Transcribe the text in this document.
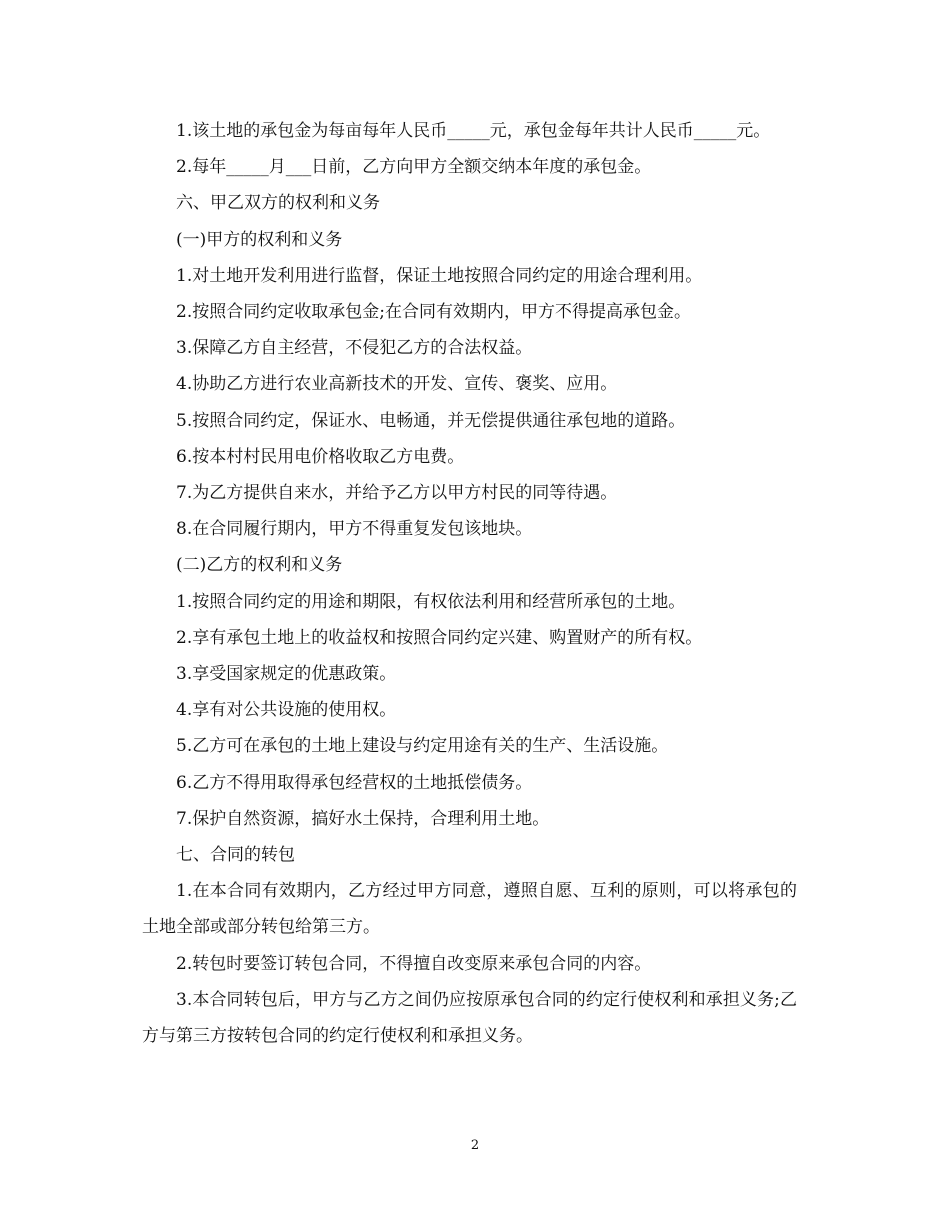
1.该土地的承包金为每亩每年人民币_____元，承包金每年共计人民币_____元。

2.每年_____月___日前，乙方向甲方全额交纳本年度的承包金。

六、甲乙双方的权利和义务

(一)甲方的权利和义务

1.对土地开发利用进行监督，保证土地按照合同约定的用途合理利用。

2.按照合同约定收取承包金;在合同有效期内，甲方不得提高承包金。

3.保障乙方自主经营，不侵犯乙方的合法权益。

4.协助乙方进行农业高新技术的开发、宣传、褒奖、应用。

5.按照合同约定，保证水、电畅通，并无偿提供通往承包地的道路。

6.按本村村民用电价格收取乙方电费。

7.为乙方提供自来水，并给予乙方以甲方村民的同等待遇。

8.在合同履行期内，甲方不得重复发包该地块。

(二)乙方的权利和义务

1.按照合同约定的用途和期限，有权依法利用和经营所承包的土地。

2.享有承包土地上的收益权和按照合同约定兴建、购置财产的所有权。

3.享受国家规定的优惠政策。

4.享有对公共设施的使用权。

5.乙方可在承包的土地上建设与约定用途有关的生产、生活设施。

6.乙方不得用取得承包经营权的土地抵偿债务。

7.保护自然资源，搞好水土保持，合理利用土地。

七、合同的转包

1.在本合同有效期内，乙方经过甲方同意，遵照自愿、互利的原则，可以将承包的土地全部或部分转包给第三方。

2.转包时要签订转包合同，不得擅自改变原来承包合同的内容。

3.本合同转包后，甲方与乙方之间仍应按原承包合同的约定行使权利和承担义务;乙方与第三方按转包合同的约定行使权利和承担义务。

2
